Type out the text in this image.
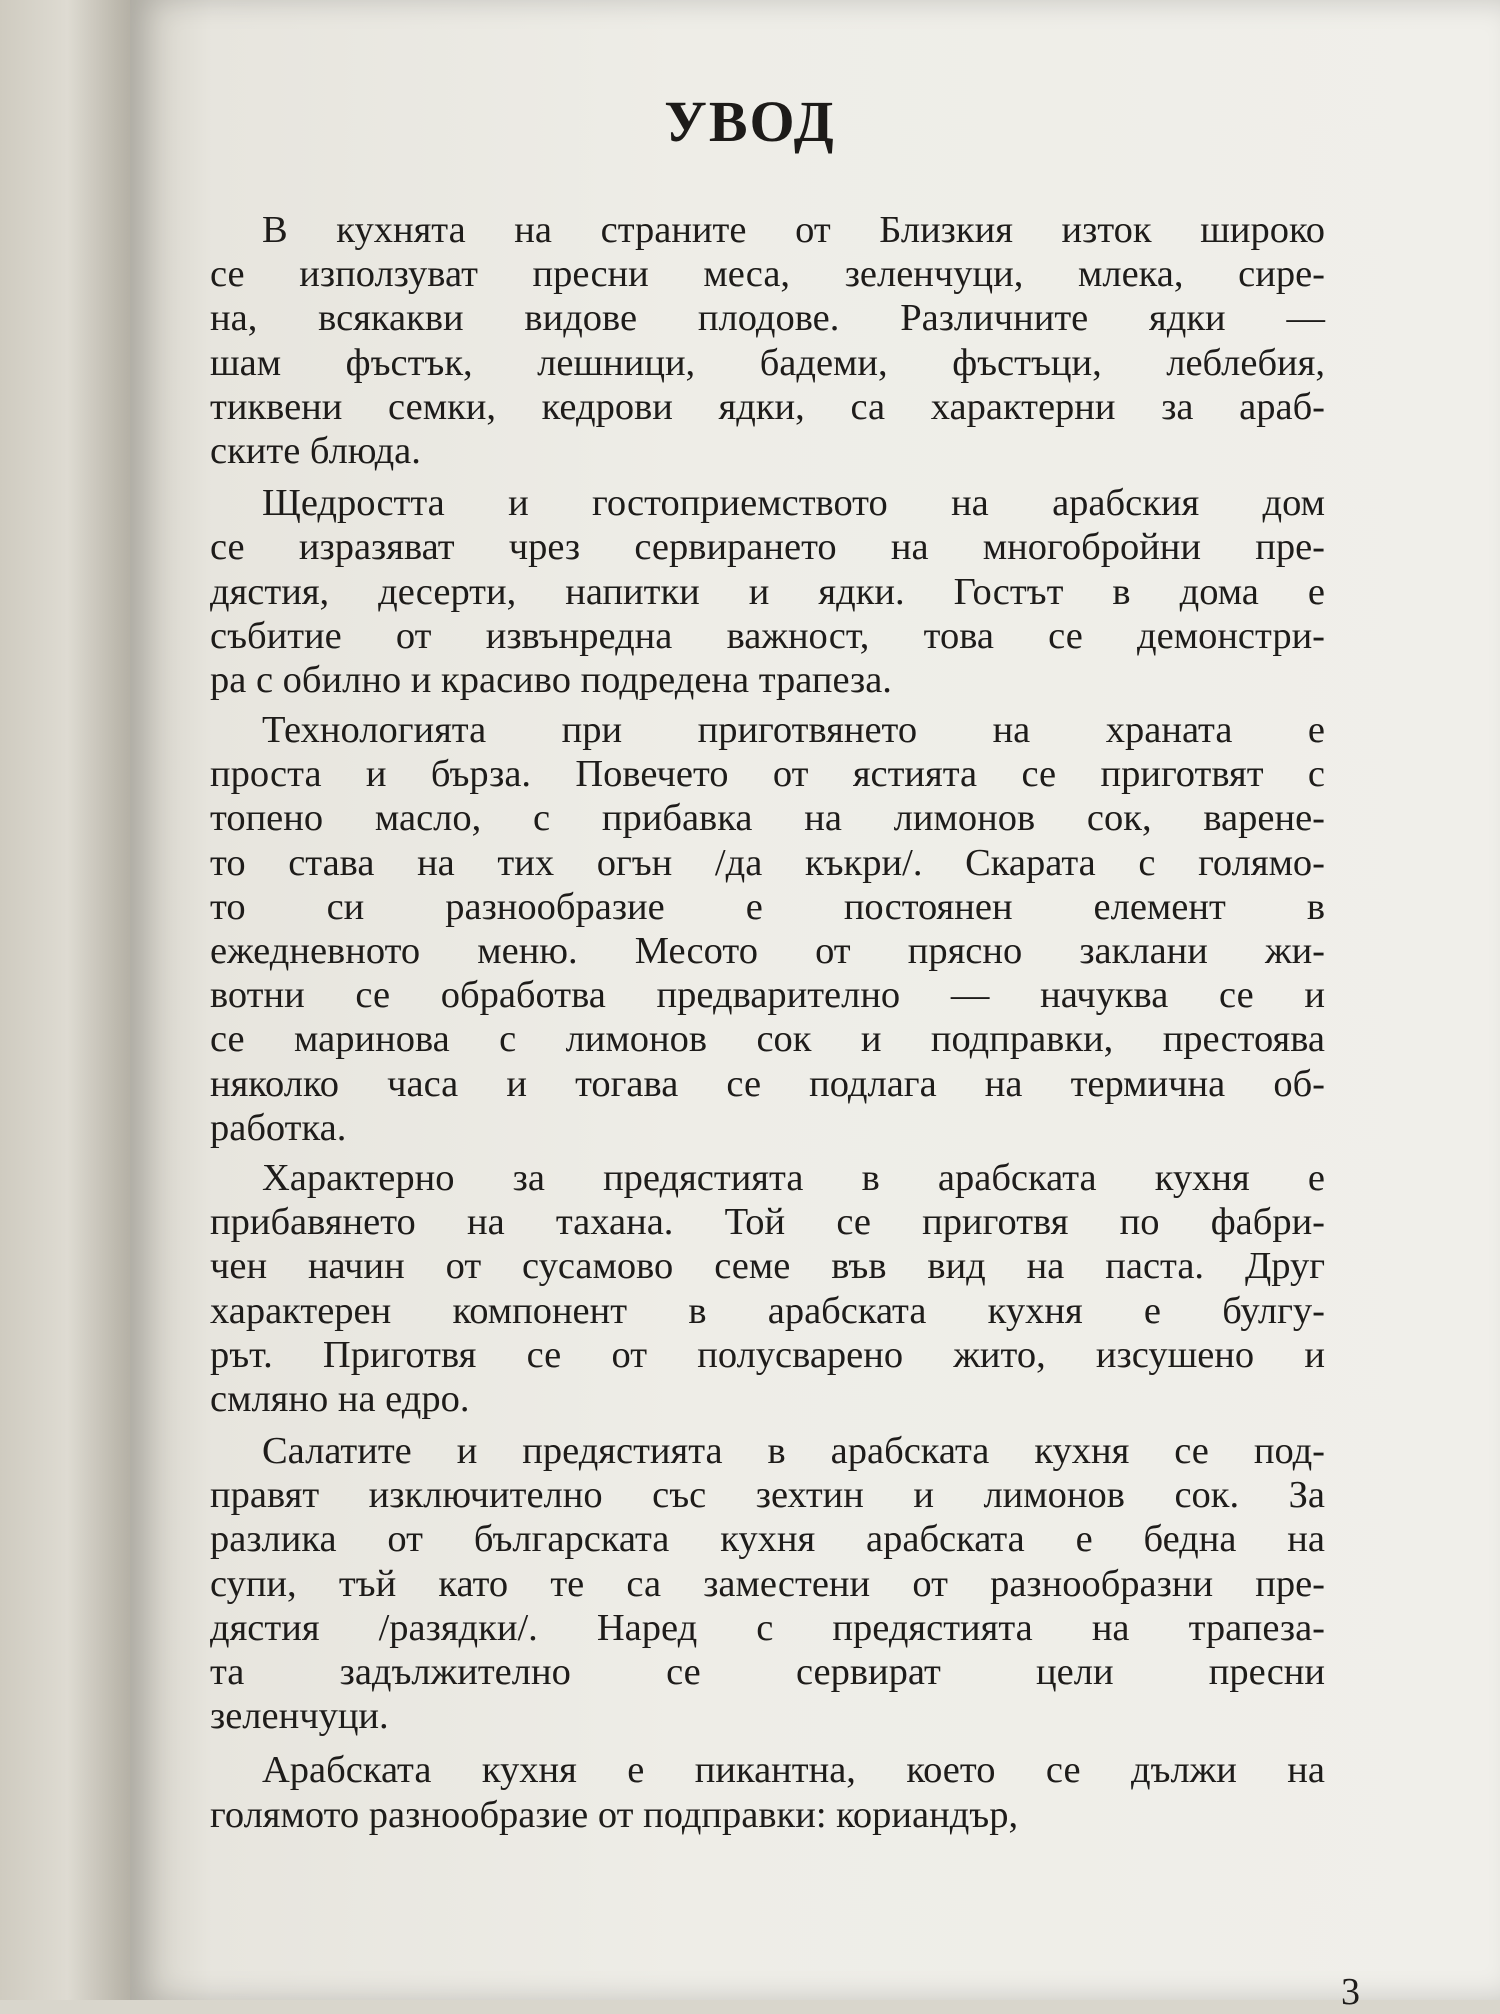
УВОД
В кухнята на страните от Близкия изток широко
се използуват пресни меса, зеленчуци, млека, сире-
на, всякакви видове плодове. Различните ядки —
шам фъстък, лешници, бадеми, фъстъци, леблебия,
тиквени семки, кедрови ядки, са характерни за араб-
ските блюда.
Щедростта и гостоприемството на арабския дом
се изразяват чрез сервирането на многобройни пре-
дястия, десерти, напитки и ядки. Гостът в дома е
събитие от извънредна важност, това се демонстри-
ра с обилно и красиво подредена трапеза.
Технологията при приготвянето на храната е
проста и бърза. Повечето от ястията се приготвят с
топено масло, с прибавка на лимонов сок, варене-
то става на тих огън /да къкри/. Скарата с голямо-
то си разнообразие е постоянен елемент в
ежедневното меню. Месото от прясно заклани жи-
вотни се обработва предварително — начуква се и
се маринова с лимонов сок и подправки, престоява
няколко часа и тогава се подлага на термична об-
работка.
Характерно за предястията в арабската кухня е
прибавянето на тахана. Той се приготвя по фабри-
чен начин от сусамово семе във вид на паста. Друг
характерен компонент в арабската кухня е булгу-
рът. Приготвя се от полусварено жито, изсушено и
смляно на едро.
Салатите и предястията в арабската кухня се под-
правят изключително със зехтин и лимонов сок. За
разлика от българската кухня арабската е бедна на
супи, тъй като те са заместени от разнообразни пре-
дястия /разядки/. Наред с предястията на трапеза-
та задължително се сервират цели пресни
зеленчуци.
Арабската кухня е пикантна, което се дължи на
голямото разнообразие от подправки: кориандър,
3
